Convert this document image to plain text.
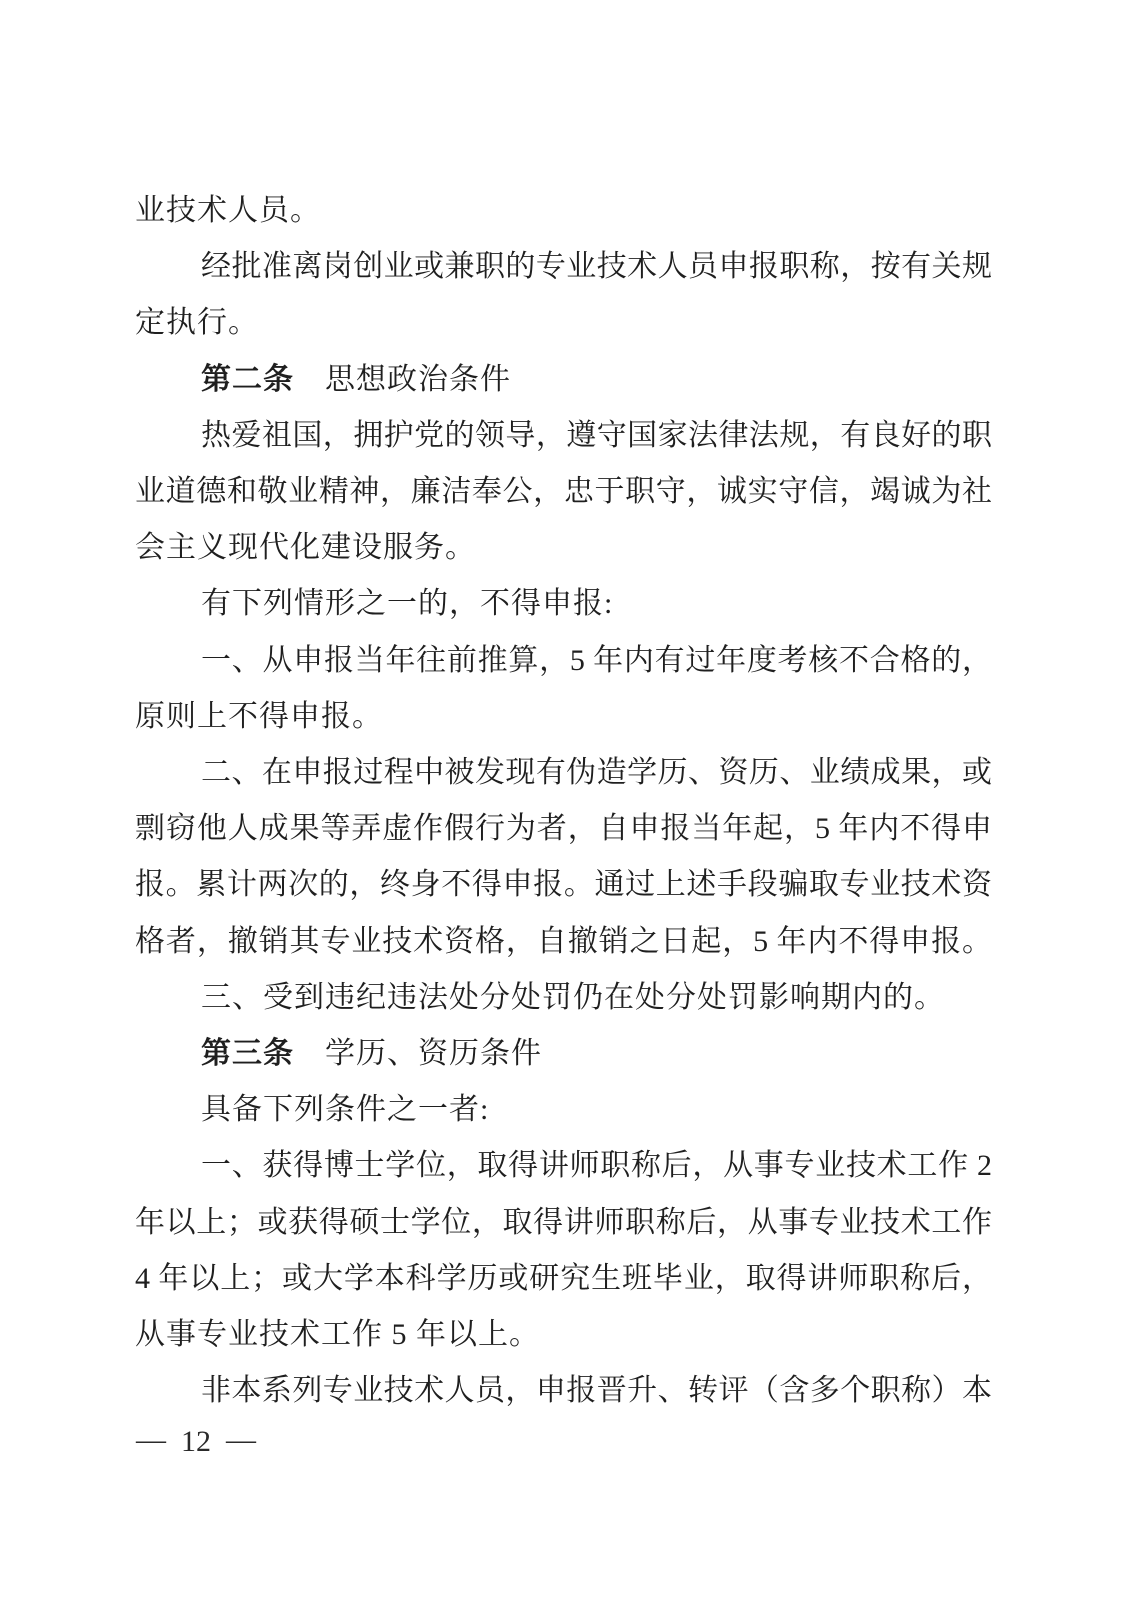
业技术人员。
经批准离岗创业或兼职的专业技术人员申报职称，按有关规
定执行。
第二条　思想政治条件
热爱祖国，拥护党的领导，遵守国家法律法规，有良好的职
业道德和敬业精神，廉洁奉公，忠于职守，诚实守信，竭诚为社
会主义现代化建设服务。
有下列情形之一的，不得申报:
一、从申报当年往前推算，5 年内有过年度考核不合格的，
原则上不得申报。
二、在申报过程中被发现有伪造学历、资历、业绩成果，或
剽窃他人成果等弄虚作假行为者，自申报当年起，5 年内不得申
报。累计两次的，终身不得申报。通过上述手段骗取专业技术资
格者，撤销其专业技术资格，自撤销之日起，5 年内不得申报。
三、受到违纪违法处分处罚仍在处分处罚影响期内的。
第三条　学历、资历条件
具备下列条件之一者:
一、获得博士学位，取得讲师职称后，从事专业技术工作 2
年以上；或获得硕士学位，取得讲师职称后，从事专业技术工作
4 年以上；或大学本科学历或研究生班毕业，取得讲师职称后，
从事专业技术工作 5 年以上。
非本系列专业技术人员，申报晋升、转评（含多个职称）本
— 12 —
